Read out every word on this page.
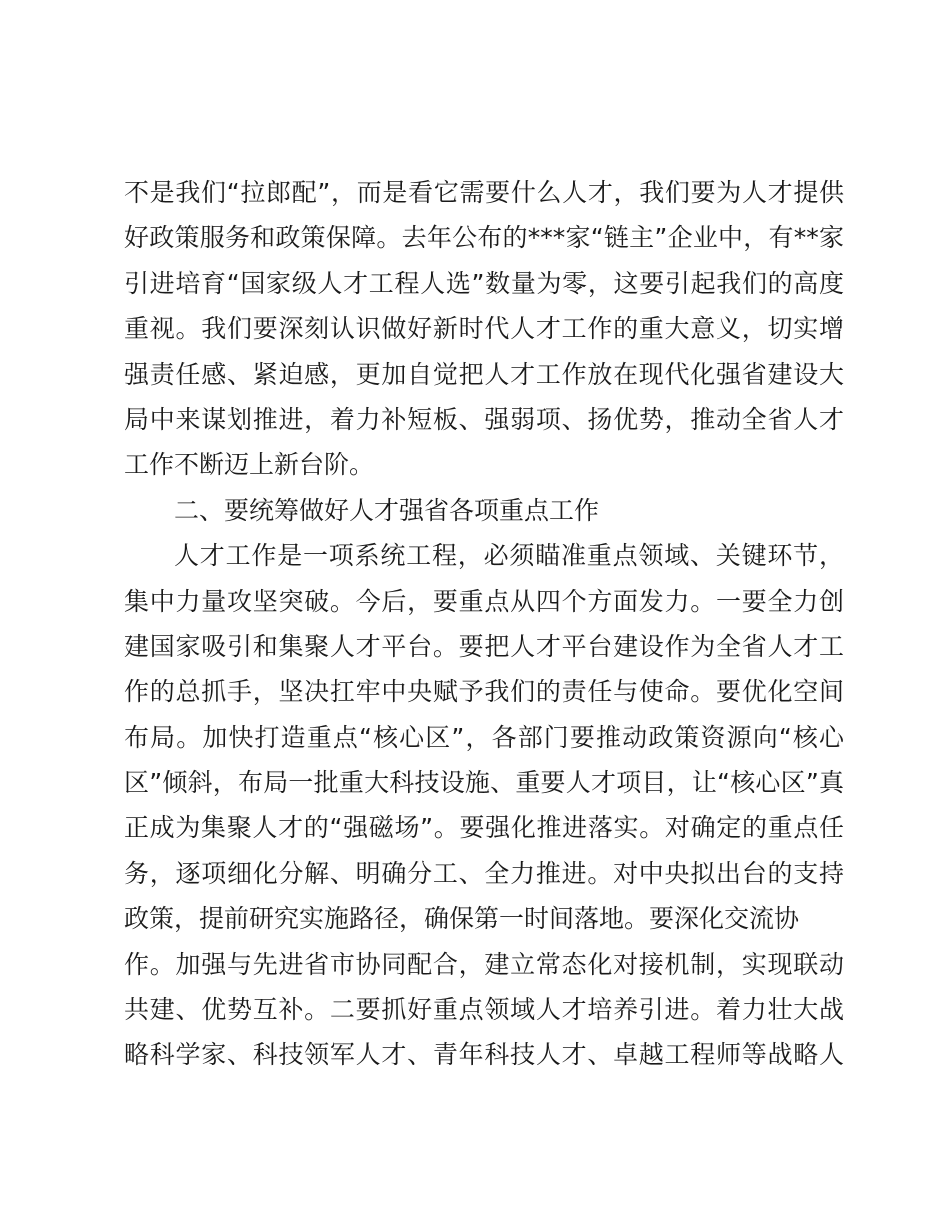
不是我们“拉郎配”，而是看它需要什么人才，我们要为人才提供
好政策服务和政策保障。去年公布的***家“链主”企业中，有**家
引进培育“国家级人才工程人选”数量为零，这要引起我们的高度
重视。我们要深刻认识做好新时代人才工作的重大意义，切实增
强责任感、紧迫感，更加自觉把人才工作放在现代化强省建设大
局中来谋划推进，着力补短板、强弱项、扬优势，推动全省人才
工作不断迈上新台阶。
二、要统筹做好人才强省各项重点工作
人才工作是一项系统工程，必须瞄准重点领域、关键环节，
集中力量攻坚突破。今后，要重点从四个方面发力。一要全力创
建国家吸引和集聚人才平台。要把人才平台建设作为全省人才工
作的总抓手，坚决扛牢中央赋予我们的责任与使命。要优化空间
布局。加快打造重点“核心区”，各部门要推动政策资源向“核心
区”倾斜，布局一批重大科技设施、重要人才项目，让“核心区”真
正成为集聚人才的“强磁场”。要强化推进落实。对确定的重点任
务，逐项细化分解、明确分工、全力推进。对中央拟出台的支持
政策，提前研究实施路径，确保第一时间落地。要深化交流协
作。加强与先进省市协同配合，建立常态化对接机制，实现联动
共建、优势互补。二要抓好重点领域人才培养引进。着力壮大战
略科学家、科技领军人才、青年科技人才、卓越工程师等战略人
